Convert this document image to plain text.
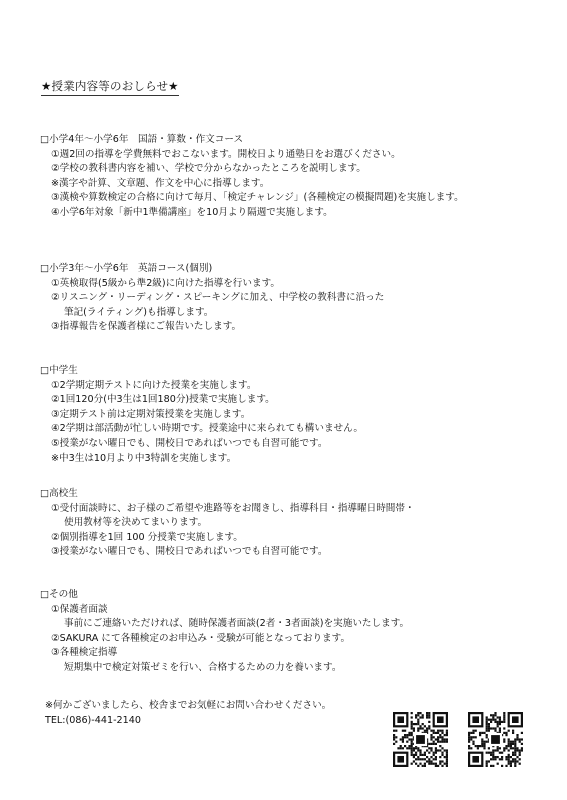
★授業内容等のおしらせ★
□小学4年～小学6年　国語・算数・作文コース
①週2回の指導を学費無料でおこないます。開校日より通塾日をお選びください。
②学校の教科書内容を補い、学校で分からなかったところを説明します。
※漢字や計算、文章題、作文を中心に指導します。
③漢検や算数検定の合格に向けて毎月、「検定チャレンジ」(各種検定の模擬問題)を実施します。
④小学6年対象「新中1準備講座」を10月より隔週で実施します。
□小学3年～小学6年　英語コース(個別)
①英検取得(5級から準2級)に向けた指導を行います。
②リスニング・リーディング・スピーキングに加え、中学校の教科書に沿った
筆記(ライティング)も指導します。
③指導報告を保護者様にご報告いたします。
□中学生
①2学期定期テストに向けた授業を実施します。
②1回120分(中3生は1回180分)授業で実施します。
③定期テスト前は定期対策授業を実施します。
④2学期は部活動が忙しい時期です。授業途中に来られても構いません。
⑤授業がない曜日でも、開校日であればいつでも自習可能です。
※中3生は10月より中3特訓を実施します。
□高校生
①受付面談時に、お子様のご希望や進路等をお聞きし、指導科目・指導曜日時間帯・
使用教材等を決めてまいります。
②個別指導を1回 100 分授業で実施します。
③授業がない曜日でも、開校日であればいつでも自習可能です。
□その他
①保護者面談
事前にご連絡いただければ、随時保護者面談(2者・3者面談)を実施いたします。
②SAKURA にて各種検定のお申込み・受験が可能となっております。
③各種検定指導
短期集中で検定対策ゼミを行い、合格するための力を養います。
※何かございましたら、校舎までお気軽にお問い合わせください。
TEL:(086)-441-2140
